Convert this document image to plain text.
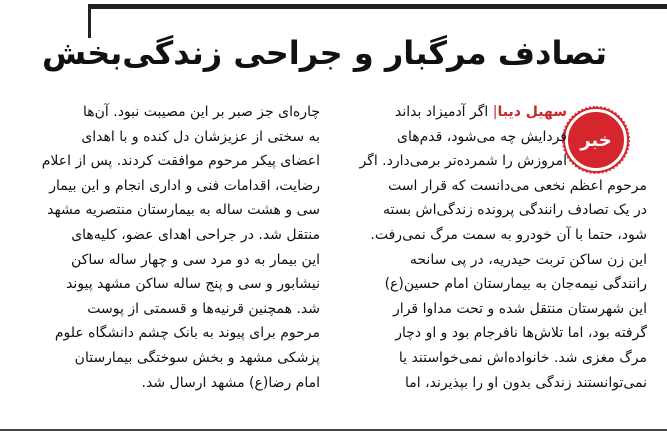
تصادف مرگبار و جراحی زندگی‌بخش
خبر
سهیل دیبا| اگر آدمیزاد بداند
فردایش چه می‌شود، قدم‌های
امروزش را شمرده‌تر برمی‌دارد. اگر
مرحوم اعظم نخعی می‌دانست که قرار است
در یک تصادف رانندگی پرونده زندگی‌اش بسته
شود، حتما با آن خودرو به سمت مرگ نمی‌رفت.
این زن ساکن تربت حیدریه، در پی سانحه
رانندگی نیمه‌جان به بیمارستان امام حسین(ع)
این شهرستان منتقل شده و تحت مداوا قرار
گرفته بود، اما تلاش‌ها نافرجام بود و او دچار
مرگ مغزی شد. خانواده‌اش نمی‌خواستند یا
نمی‌توانستند زندگی بدون او را بپذیرند، اما
چاره‌ای جز صبر بر این مصیبت نبود. آن‌ها
به سختی از عزیزشان دل کنده و با اهدای
اعضای پیکر مرحوم موافقت کردند. پس از اعلام
رضایت، اقدامات فنی و اداری انجام و این بیمار
سی و هشت ساله به بیمارستان منتصریه مشهد
منتقل شد. در جراحی اهدای عضو، کلیه‌های
این بیمار به دو مرد سی و چهار ساله ساکن
نیشابور و سی و پنج ساله ساکن مشهد پیوند
شد. همچنین قرنیه‌ها و قسمتی از پوست
مرحوم برای پیوند به بانک چشم دانشگاه علوم
پزشکی مشهد و بخش سوختگی بیمارستان
امام رضا(ع) مشهد ارسال شد.
